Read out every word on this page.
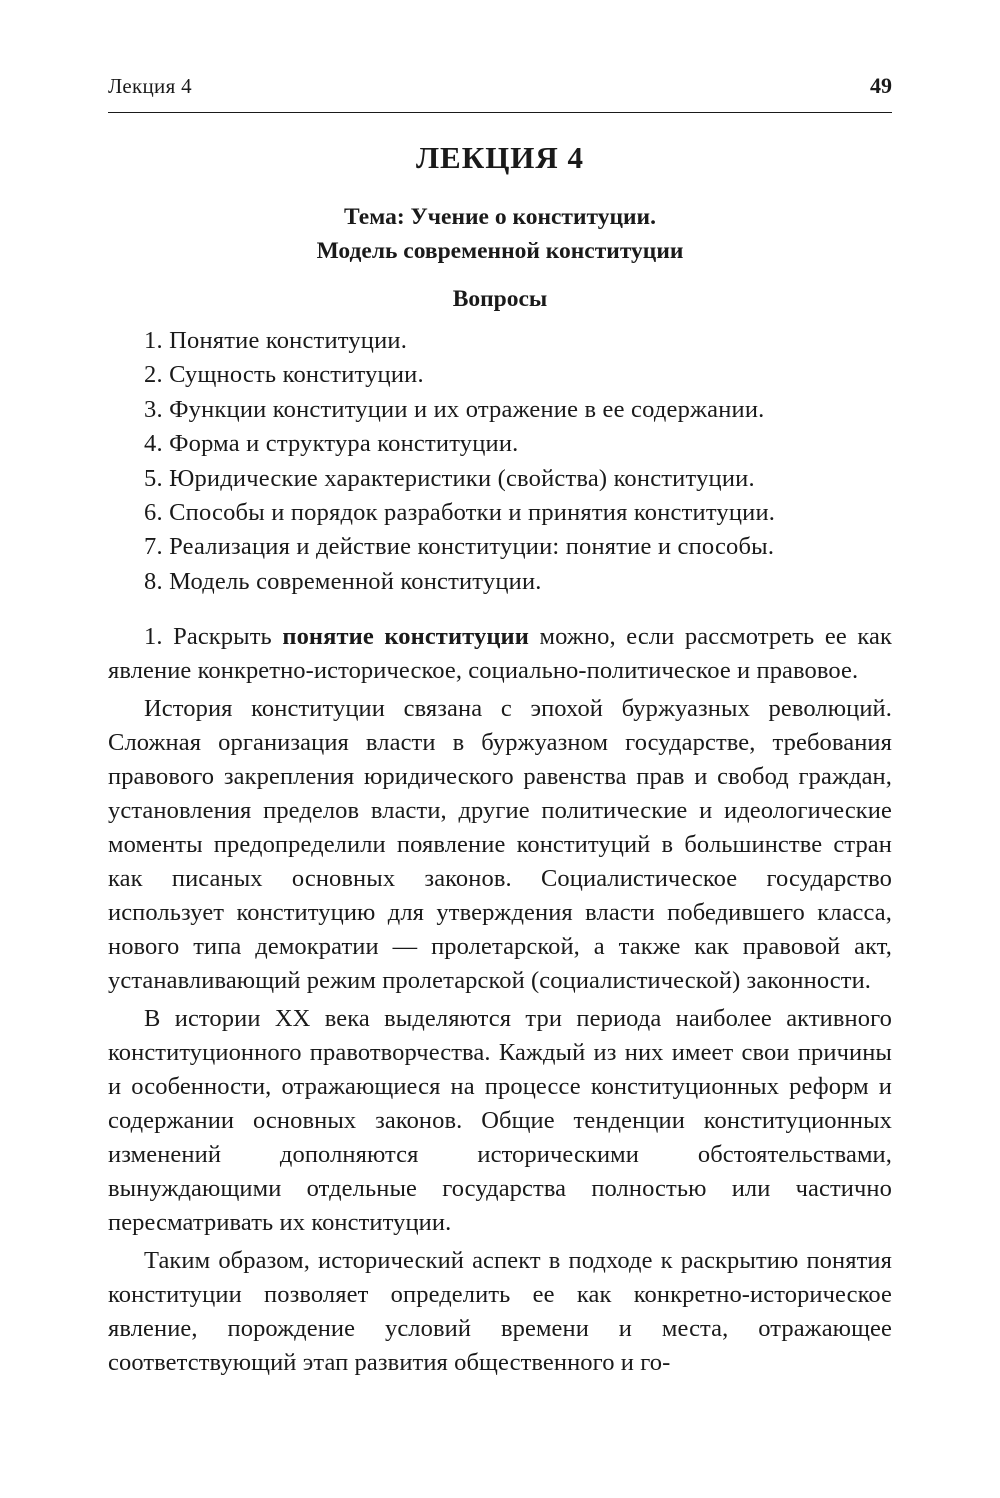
Лекция 4	49
ЛЕКЦИЯ 4
Тема: Учение о конституции.
Модель современной конституции
Вопросы
1. Понятие конституции.
2. Сущность конституции.
3. Функции конституции и их отражение в ее содержании.
4. Форма и структура конституции.
5. Юридические характеристики (свойства) конституции.
6. Способы и порядок разработки и принятия конституции.
7. Реализация и действие конституции: понятие и способы.
8. Модель современной конституции.

1. Раскрыть понятие конституции можно, если рассмотреть ее как явление конкретно-историческое, социально-политическое и правовое.

История конституции связана с эпохой буржуазных революций. Сложная организация власти в буржуазном государстве, требования правового закрепления юридического равенства прав и свобод граждан, установления пределов власти, другие политические и идеологические моменты предопределили появление конституций в большинстве стран как писаных основных законов. Социалистическое государство использует конституцию для утверждения власти победившего класса, нового типа демократии — пролетарской, а также как правовой акт, устанавливающий режим пролетарской (социалистической) законности.

В истории XX века выделяются три периода наиболее активного конституционного правотворчества. Каждый из них имеет свои причины и особенности, отражающиеся на процессе конституционных реформ и содержании основных законов. Общие тенденции конституционных изменений дополняются историческими обстоятельствами, вынуждающими отдельные государства полностью или частично пересматривать их конституции.

Таким образом, исторический аспект в подходе к раскрытию понятия конституции позволяет определить ее как конкретно-историческое явление, порождение условий времени и места, отражающее соответствующий этап развития общественного и го-
